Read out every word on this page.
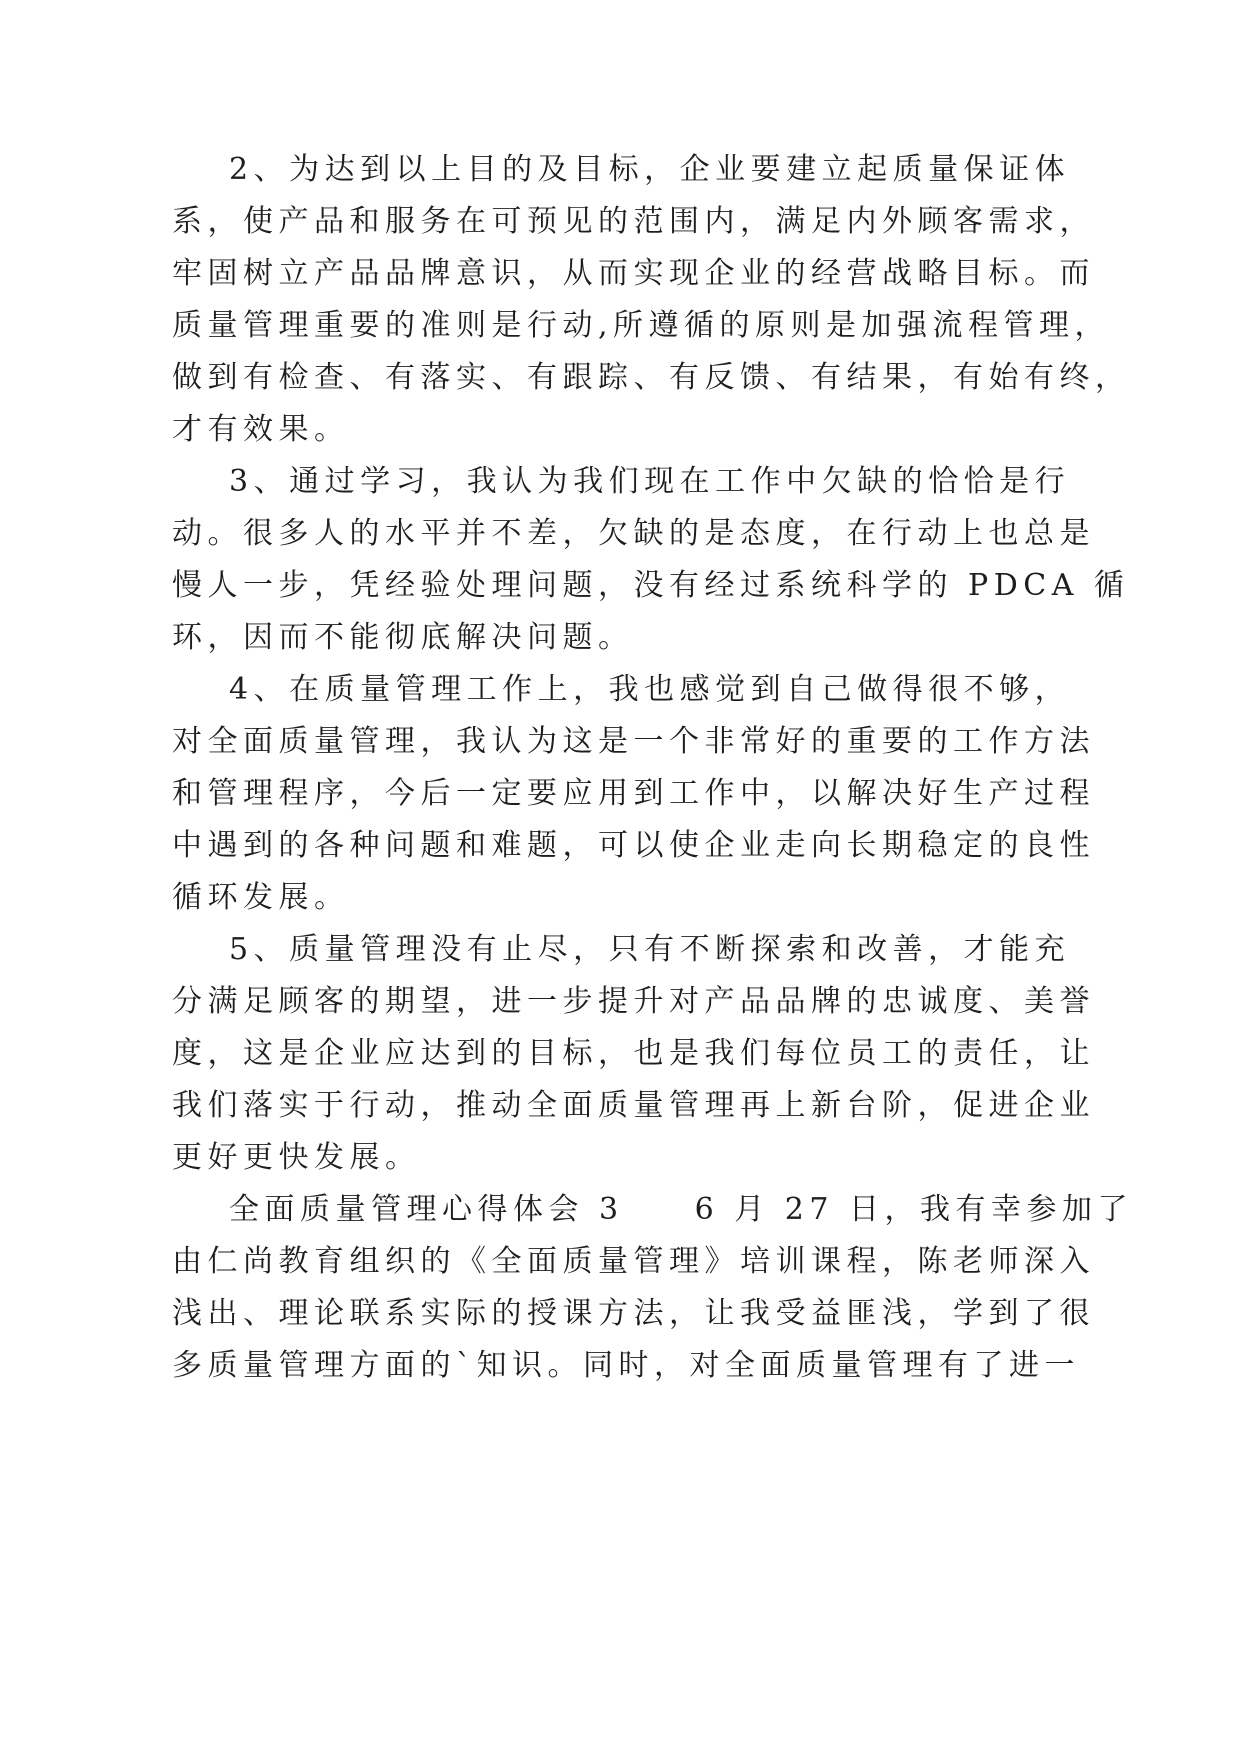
2、为达到以上目的及目标，企业要建立起质量保证体

系，使产品和服务在可预见的范围内，满足内外顾客需求，

牢固树立产品品牌意识，从而实现企业的经营战略目标。而

质量管理重要的准则是行动,所遵循的原则是加强流程管理，

做到有检查、有落实、有跟踪、有反馈、有结果，有始有终，

才有效果。

3、通过学习，我认为我们现在工作中欠缺的恰恰是行

动。很多人的水平并不差，欠缺的是态度，在行动上也总是

慢人一步，凭经验处理问题，没有经过系统科学的 PDCA 循

环，因而不能彻底解决问题。

4、在质量管理工作上，我也感觉到自己做得很不够，

对全面质量管理，我认为这是一个非常好的重要的工作方法

和管理程序，今后一定要应用到工作中，以解决好生产过程

中遇到的各种问题和难题，可以使企业走向长期稳定的良性

循环发展。

5、质量管理没有止尽，只有不断探索和改善，才能充

分满足顾客的期望，进一步提升对产品品牌的忠诚度、美誉

度，这是企业应达到的目标，也是我们每位员工的责任，让

我们落实于行动，推动全面质量管理再上新台阶，促进企业

更好更快发展。

全面质量管理心得体会 3　　6 月 27 日，我有幸参加了

由仁尚教育组织的《全面质量管理》培训课程，陈老师深入

浅出、理论联系实际的授课方法，让我受益匪浅，学到了很

多质量管理方面的`知识。同时，对全面质量管理有了进一
